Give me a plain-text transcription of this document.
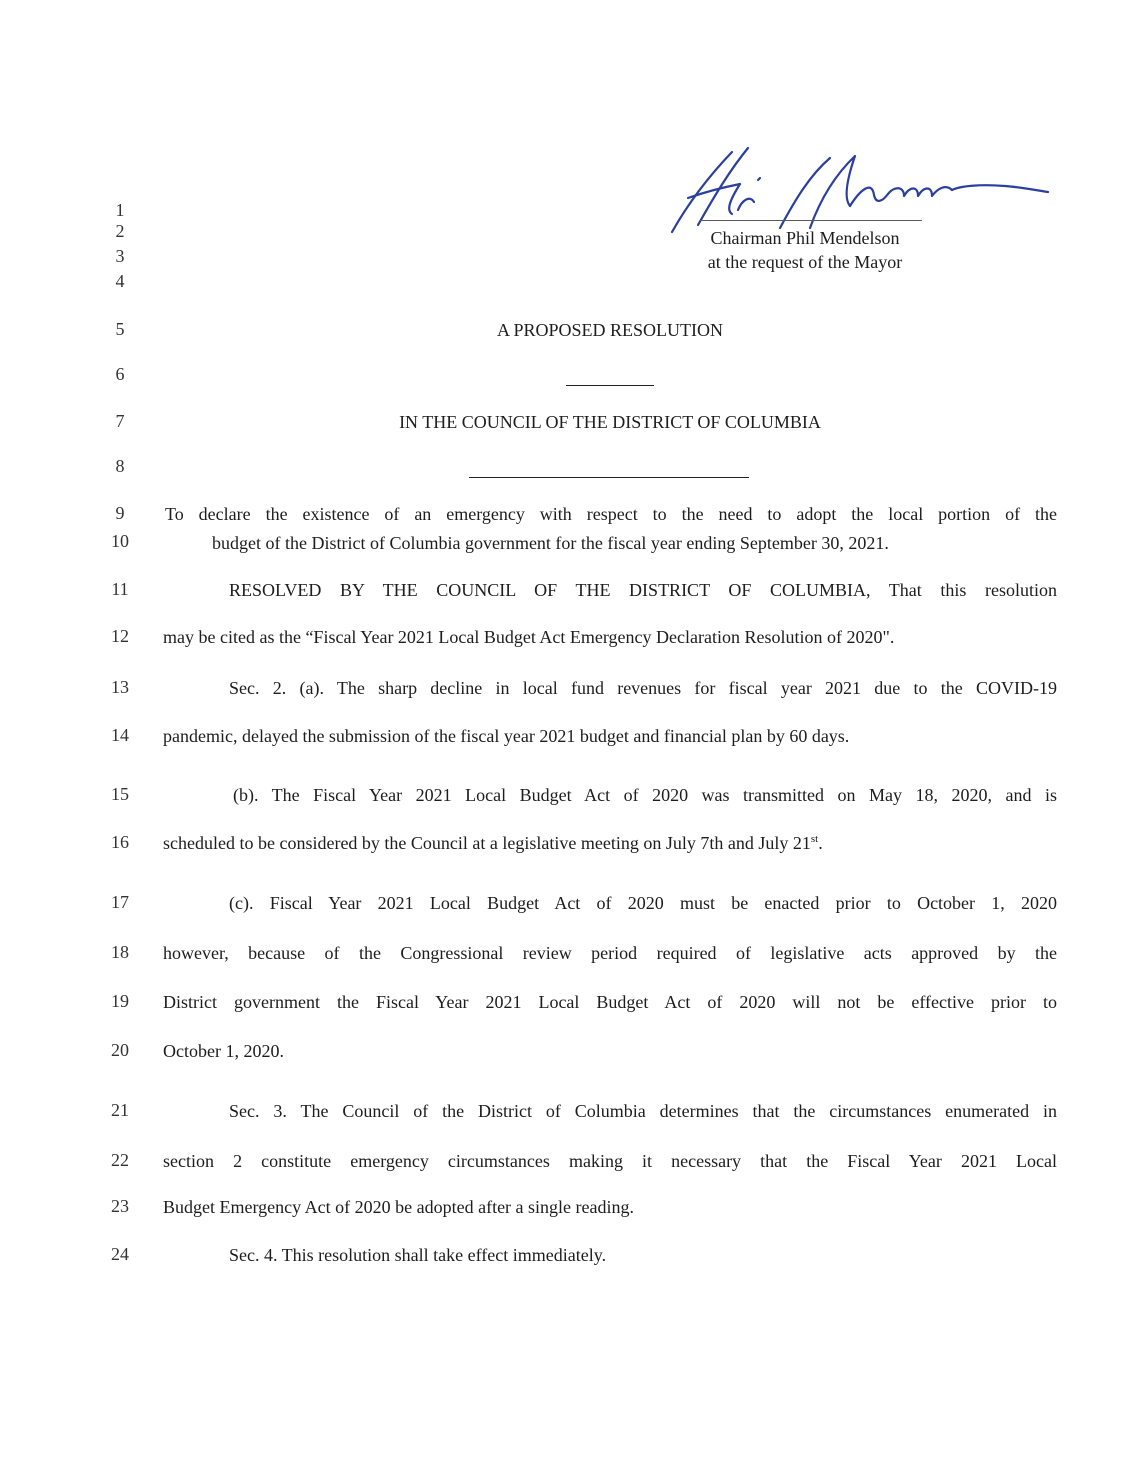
Chairman Phil Mendelson
at the request of the Mayor
1
2
3
4
5
6
7
8
9
10
11
12
13
14
15
16
17
18
19
20
21
22
23
24
A PROPOSED RESOLUTION
IN THE COUNCIL OF THE DISTRICT OF COLUMBIA
To declare the existence of an emergency with respect to the need to adopt the local portion of the
budget of the District of Columbia government for the fiscal year ending September 30, 2021.
RESOLVED BY THE COUNCIL OF THE DISTRICT OF COLUMBIA, That this resolution
may be cited as the “Fiscal Year 2021 Local Budget Act Emergency Declaration Resolution of 2020".
Sec. 2. (a). The sharp decline in local fund revenues for fiscal year 2021 due to the COVID-19
pandemic, delayed the submission of the fiscal year 2021 budget and financial plan by 60 days.
(b). The Fiscal Year 2021 Local Budget Act of 2020 was transmitted on May 18, 2020, and is
scheduled to be considered by the Council at a legislative meeting on July 7th and July 21st.
(c). Fiscal Year 2021 Local Budget Act of 2020 must be enacted prior to October 1, 2020
however, because of the Congressional review period required of legislative acts approved by the
District government the Fiscal Year 2021 Local Budget Act of 2020 will not be effective prior to
October 1, 2020.
Sec. 3. The Council of the District of Columbia determines that the circumstances enumerated in
section 2 constitute emergency circumstances making it necessary that the Fiscal Year 2021 Local
Budget Emergency Act of 2020 be adopted after a single reading.
Sec. 4. This resolution shall take effect immediately.
